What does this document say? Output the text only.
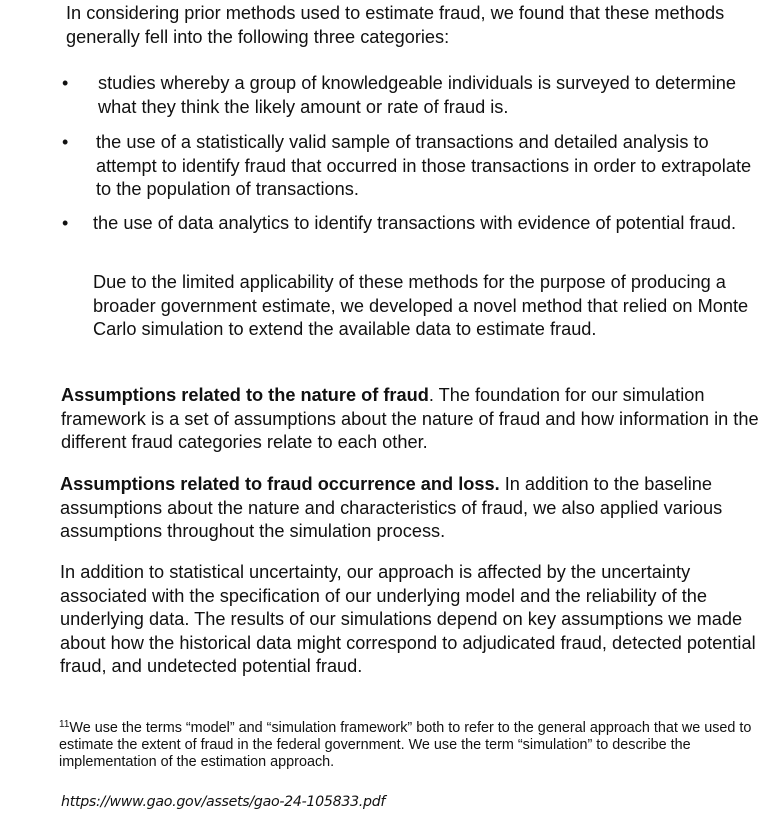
In considering prior methods used to estimate fraud, we found that these methods generally fell into the following three categories:

• studies whereby a group of knowledgeable individuals is surveyed to determine what they think the likely amount or rate of fraud is.

• the use of a statistically valid sample of transactions and detailed analysis to attempt to identify fraud that occurred in those transactions in order to extrapolate to the population of transactions.

• the use of data analytics to identify transactions with evidence of potential fraud.

Due to the limited applicability of these methods for the purpose of producing a broader government estimate, we developed a novel method that relied on Monte Carlo simulation to extend the available data to estimate fraud.

Assumptions related to the nature of fraud. The foundation for our simulation framework is a set of assumptions about the nature of fraud and how information in the different fraud categories relate to each other.

Assumptions related to fraud occurrence and loss. In addition to the baseline assumptions about the nature and characteristics of fraud, we also applied various assumptions throughout the simulation process.

In addition to statistical uncertainty, our approach is affected by the uncertainty associated with the specification of our underlying model and the reliability of the underlying data. The results of our simulations depend on key assumptions we made about how the historical data might correspond to adjudicated fraud, detected potential fraud, and undetected potential fraud.

$^{11}$We use the terms “model” and “simulation framework” both to refer to the general approach that we used to estimate the extent of fraud in the federal government. We use the term “simulation” to describe the implementation of the estimation approach.

https://www.gao.gov/assets/gao-24-105833.pdf
